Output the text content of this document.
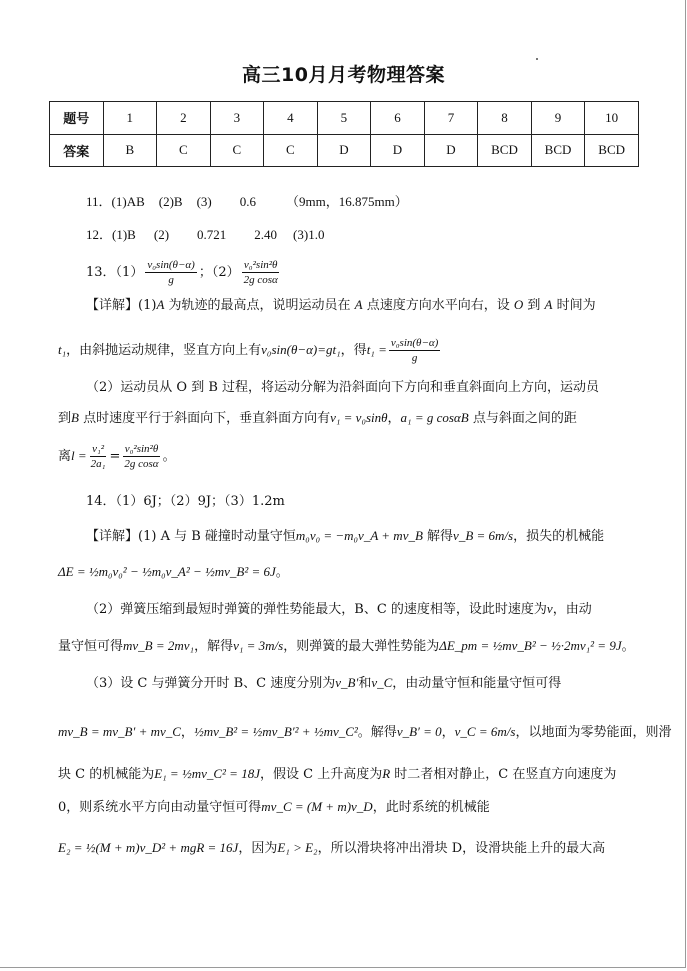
高三10月月考物理答案
题号	1	2	3	4	5	6	7	8	9	10
答案	B	C	C	C	D	D	D	BCD	BCD	BCD
11．(1)AB (2)B (3) 0.6 （9mm，16.875mm）
12．(1)B (2) 0.721 2.40 (3)1.0
13．$(1) \frac{\text{v₀sin(θ−α)}}{g}$ ；$(2) \frac{\text{v₀²sin²θ}}{\text{2g cosα}}$
【详解】(1)A 为轨迹的最高点，说明运动员在 A 点速度方向水平向右，设 O 到 A 时间为
t₁，由斜抛运动规律，竖直方向上有v₀sin(θ−α)=gt₁，得$t_1 = \frac{\text{v₀sin(θ−α)}}{g}$
（2）运动员从 O 到 B 过程，将运动分解为沿斜面向下方向和垂直斜面向上方向，运动员
到B 点时速度平行于斜面向下，垂直斜面方向有v₁ = v₀sinθ，a₁ = g cosαB 点与斜面之间的距
离$l = \frac{\text{v₁²}}{\text{2a₁}} = \frac{\text{v₀²sin²θ}}{\text{2g cosα}}$ 。
14．（1）6J；（2）9J；（3）1.2m
【详解】(1) A 与 B 碰撞时动量守恒m₀v₀ = −m₀v_A + mv_B 解得v_B = 6m/s，损失的机械能
ΔE = ½m₀v₀² − ½m₀v_A² − ½mv_B² = 6J。
（2）弹簧压缩到最短时弹簧的弹性势能最大，B、C 的速度相等，设此时速度为v，由动
量守恒可得mv_B = 2mv₁，解得v₁ = 3m/s，则弹簧的最大弹性势能为ΔE_pm = ½mv_B² − ½·2mv₁² = 9J。
（3）设 C 与弹簧分开时 B、C 速度分别为v_B′和v_C，由动量守恒和能量守恒可得
mv_B = mv_B′ + mv_C，½mv_B² = ½mv_B′² + ½mv_C²。解得v_B′ = 0，v_C = 6m/s，以地面为零势能面，则滑
块 C 的机械能为E₁ = ½mv_C² = 18J，假设 C 上升高度为R 时二者相对静止，C 在竖直方向速度为
0，则系统水平方向由动量守恒可得mv_C = (M + m)v_D，此时系统的机械能
E₂ = ½(M + m)v_D² + mgR = 16J，因为E₁ > E₂，所以滑块将冲出滑块 D，设滑块能上升的最大高
